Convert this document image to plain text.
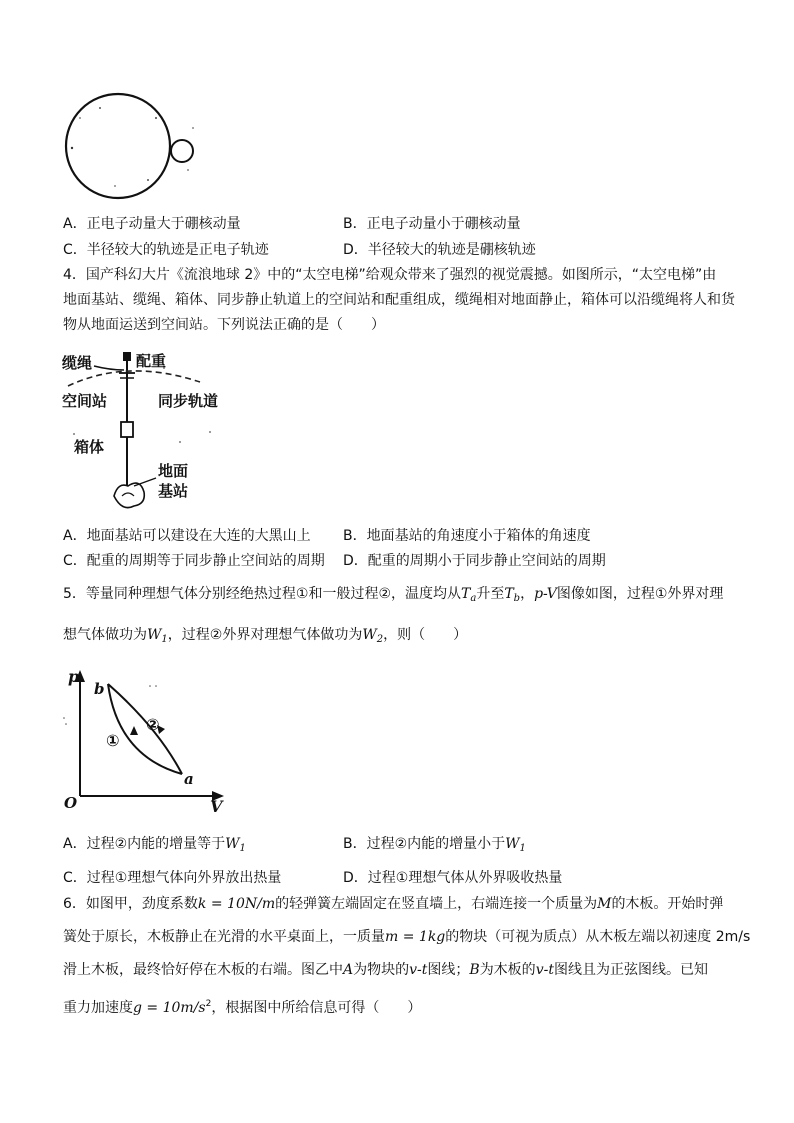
A．正电子动量大于硼核动量	B．正电子动量小于硼核动量
C．半径较大的轨迹是正电子轨迹	D．半径较大的轨迹是硼核轨迹
4．国产科幻大片《流浪地球 2》中的“太空电梯”给观众带来了强烈的视觉震撼。如图所示，“太空电梯”由
地面基站、缆绳、箱体、同步静止轨道上的空间站和配重组成，缆绳相对地面静止，箱体可以沿缆绳将人和货
物从地面运送到空间站。下列说法正确的是（　　）
缆绳	配重
空间站	同步轨道
箱体
地面
基站
A．地面基站可以建设在大连的大黑山上 B．地面基站的角速度小于箱体的角速度
C．配重的周期等于同步静止空间站的周期 D．配重的周期小于同步静止空间站的周期
5．等量同种理想气体分别经绝热过程①和一般过程②，温度均从$T_a$升至$T_b$，p-V图像如图，过程①外界对理
想气体做功为$W_1$，过程②外界对理想气体做功为$W_2$，则（　　）
p
V
O
b
a
①
②
A．过程②内能的增量等于$W_1$	B．过程②内能的增量小于$W_1$
C．过程①理想气体向外界放出热量	D．过程①理想气体从外界吸收热量
6．如图甲，劲度系数k = 10N/m的轻弹簧左端固定在竖直墙上，右端连接一个质量为M的木板。开始时弹
簧处于原长，木板静止在光滑的水平桌面上，一质量m = 1kg的物块（可视为质点）从木板左端以初速度 2m/s
滑上木板，最终恰好停在木板的右端。图乙中A为物块的v-t图线；B为木板的v-t图线且为正弦图线。已知
重力加速度$g = 10m/s^2$，根据图中所给信息可得（　　）
